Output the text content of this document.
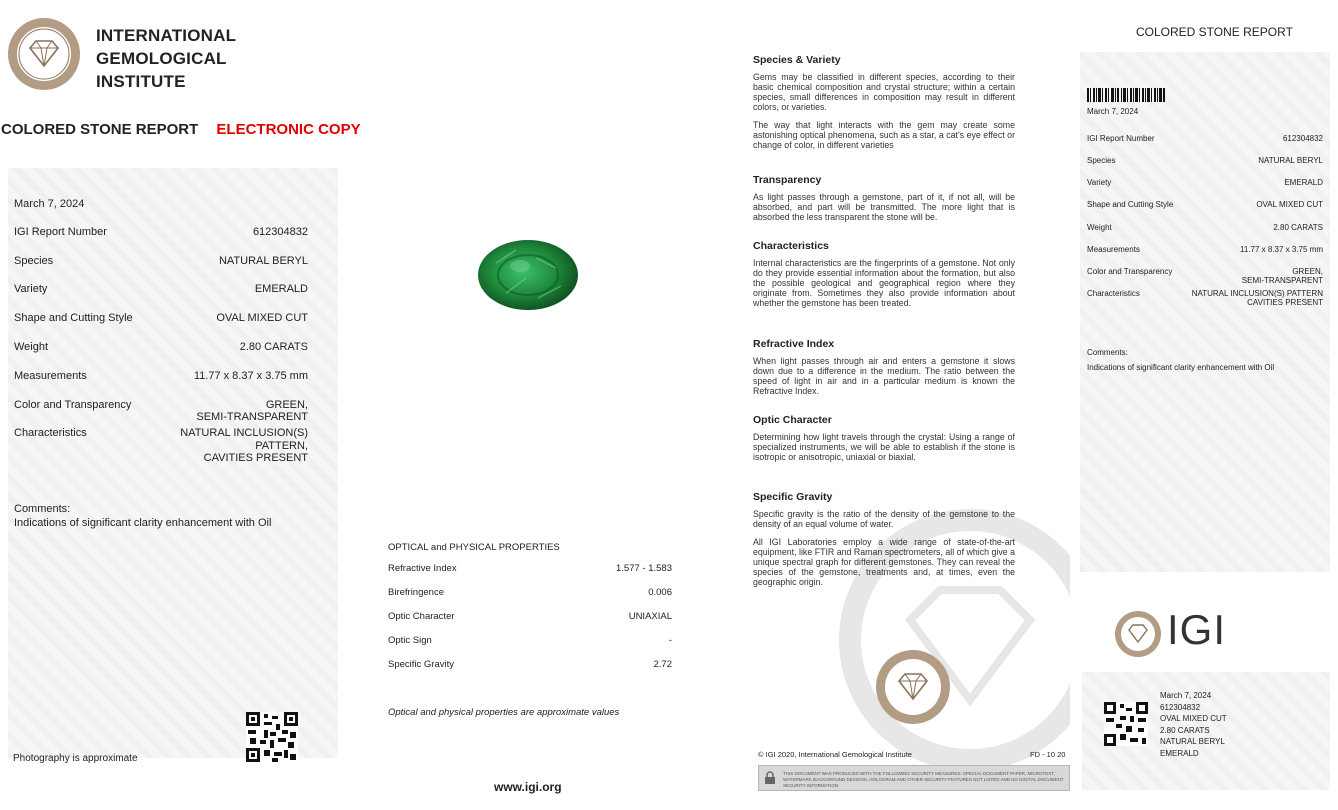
INTERNATIONAL
GEMOLOGICAL
INSTITUTE
COLORED STONE REPORT ELECTRONIC COPY
March 7, 2024
IGI Report Number	612304832
Species	NATURAL BERYL
Variety	EMERALD
Shape and Cutting Style	OVAL MIXED CUT
Weight	2.80 CARATS
Measurements	11.77 x 8.37 x 3.75 mm
Color and Transparency	GREEN,
SEMI-TRANSPARENT
Characteristics	NATURAL INCLUSION(S)
PATTERN,
CAVITIES PRESENT
Comments:
Indications of significant clarity enhancement with Oil
Photography is approximate
OPTICAL and PHYSICAL PROPERTIES
Refractive Index	1.577 - 1.583
Birefringence	0.006
Optic Character	UNIAXIAL
Optic Sign	-
Specific Gravity	2.72
Optical and physical properties are approximate values
www.igi.org
Species & Variety

Gems may be classified in different species, according to their basic chemical composition and crystal structure; within a certain species, small differences in composition may result in different colors, or varieties.

The way that light interacts with the gem may create some astonishing optical phenomena, such as a star, a cat's eye effect or change of color, in different varieties

Transparency

As light passes through a gemstone, part of it, if not all, will be absorbed, and part will be transmitted. The more light that is absorbed the less transparent the stone will be.

Characteristics

Internal characteristics are the fingerprints of a gemstone. Not only do they provide essential information about the formation, but also the possible geological and geographical region where they originate from. Sometimes they also provide information about whether the gemstone has been treated.

Refractive Index

When light passes through air and enters a gemstone it slows down due to a difference in the medium. The ratio between the speed of light in air and in a particular medium is known the Refractive Index.

Optic Character

Determining how light travels through the crystal: Using a range of specialized instruments, we will be able to establish if the stone is isotropic or anisotropic, uniaxial or biaxial.

Specific Gravity

Specific gravity is the ratio of the density of the gemstone to the density of an equal volume of water.

All IGI Laboratories employ a wide range of state-of-the-art equipment, like FTIR and Raman spectrometers, all of which give a unique spectral graph for different gemstones. They can reveal the species of the gemstone, treatments and, at times, even the geographic origin.

© IGI 2020, International Gemological Institute	FD - 10 20
THIS DOCUMENT WAS PRODUCED WITH THE FOLLOWING SECURITY MEASURES: SPECIAL DOCUMENT PAPER, MICROTEXT, WATERMARK BACKGROUND DESIGNS, HOLOGRAM AND OTHER SECURITY FEATURES NOT LISTED AND NO DIGITAL DOCUMENT SECURITY INFORMATION
COLORED STONE REPORT
March 7, 2024
IGI Report Number	612304832
Species	NATURAL BERYL
Variety	EMERALD
Shape and Cutting Style	OVAL MIXED CUT
Weight	2.80 CARATS
Measurements	11.77 x 8.37 x 3.75 mm
Color and Transparency	GREEN,
SEMI-TRANSPARENT
Characteristics	NATURAL INCLUSION(S) PATTERN
CAVITIES PRESENT
Comments:
Indications of significant clarity enhancement with Oil
IGI
March 7, 2024
612304832
OVAL MIXED CUT
2.80 CARATS
NATURAL BERYL
EMERALD
